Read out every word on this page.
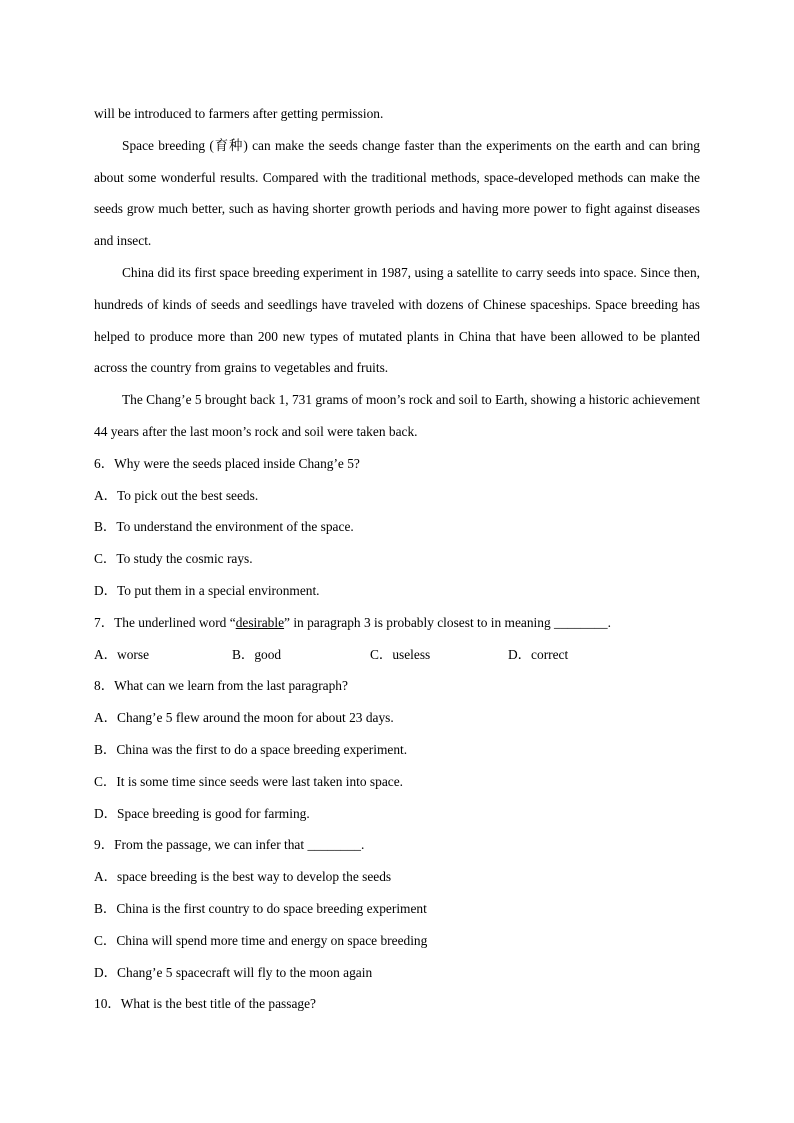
will be introduced to farmers after getting permission.

Space breeding (育种) can make the seeds change faster than the experiments on the earth and can bring about some wonderful results. Compared with the traditional methods, space-developed methods can make the seeds grow much better, such as having shorter growth periods and having more power to fight against diseases and insect.

China did its first space breeding experiment in 1987, using a satellite to carry seeds into space. Since then, hundreds of kinds of seeds and seedlings have traveled with dozens of Chinese spaceships. Space breeding has helped to produce more than 200 new types of mutated plants in China that have been allowed to be planted across the country from grains to vegetables and fruits.

The Chang’e 5 brought back 1, 731 grams of moon’s rock and soil to Earth, showing a historic achievement 44 years after the last moon’s rock and soil were taken back.

6．Why were the seeds placed inside Chang’e 5?
A．To pick out the best seeds.
B．To understand the environment of the space.
C．To study the cosmic rays.
D．To put them in a special environment.
7．The underlined word “desirable” in paragraph 3 is probably closest to in meaning ________.
A．worse	B．good	C．useless	D．correct
8．What can we learn from the last paragraph?
A．Chang’e 5 flew around the moon for about 23 days.
B．China was the first to do a space breeding experiment.
C．It is some time since seeds were last taken into space.
D．Space breeding is good for farming.
9．From the passage, we can infer that ________.
A．space breeding is the best way to develop the seeds
B．China is the first country to do space breeding experiment
C．China will spend more time and energy on space breeding
D．Chang’e 5 spacecraft will fly to the moon again
10．What is the best title of the passage?
